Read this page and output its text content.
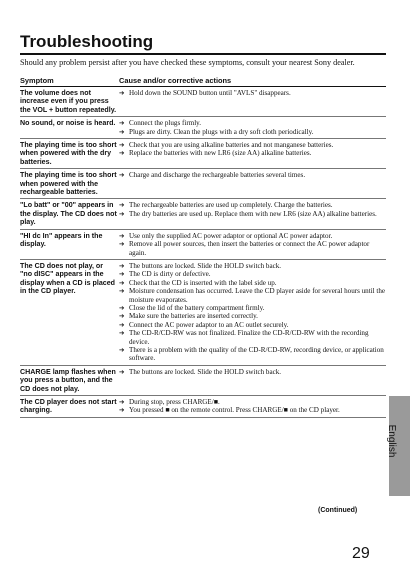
Troubleshooting
Should any problem persist after you have checked these symptoms, consult your nearest Sony dealer.
Symptom	Cause and/or corrective actions
The volume does not increase even if you press the VOL + button repeatedly.
➔ Hold down the SOUND button until "AVLS" disappears.
No sound, or noise is heard. ➔ Connect the plugs firmly.
➔ Plugs are dirty. Clean the plugs with a dry soft cloth periodically.
The playing time is too short when powered with the dry batteries.
➔ Check that you are using alkaline batteries and not manganese batteries.
➔ Replace the batteries with new LR6 (size AA) alkaline batteries.
The playing time is too short when powered with the rechargeable batteries.
➔ Charge and discharge the rechargeable batteries several times.
"Lo batt" or "00" appears in the display. The CD does not play.
➔ The rechargeable batteries are used up completely. Charge the batteries.
➔ The dry batteries are used up. Replace them with new LR6 (size AA) alkaline batteries.
"HI dc In" appears in the display.
➔ Use only the supplied AC power adaptor or optional AC power adaptor.
➔ Remove all power sources, then insert the batteries or connect the AC power adaptor again.
The CD does not play, or "no dISC" appears in the display when a CD is placed in the CD player.
➔ The buttons are locked. Slide the HOLD switch back.
➔ The CD is dirty or defective.
➔ Check that the CD is inserted with the label side up.
➔ Moisture condensation has occurred. Leave the CD player aside for several hours until the moisture evaporates.
➔ Close the lid of the battery compartment firmly.
➔ Make sure the batteries are inserted correctly.
➔ Connect the AC power adaptor to an AC outlet securely.
➔ The CD-R/CD-RW was not finalized. Finalize the CD-R/CD-RW with the recording device.
➔ There is a problem with the quality of the CD-R/CD-RW, recording device, or application software.
CHARGE lamp flashes when you press a button, and the CD does not play.
➔ The buttons are locked. Slide the HOLD switch back.
The CD player does not start charging.
➔ During stop, press CHARGE/■.
➔ You pressed ■ on the remote control. Press CHARGE/■ on the CD player.
(Continued)
29
English
